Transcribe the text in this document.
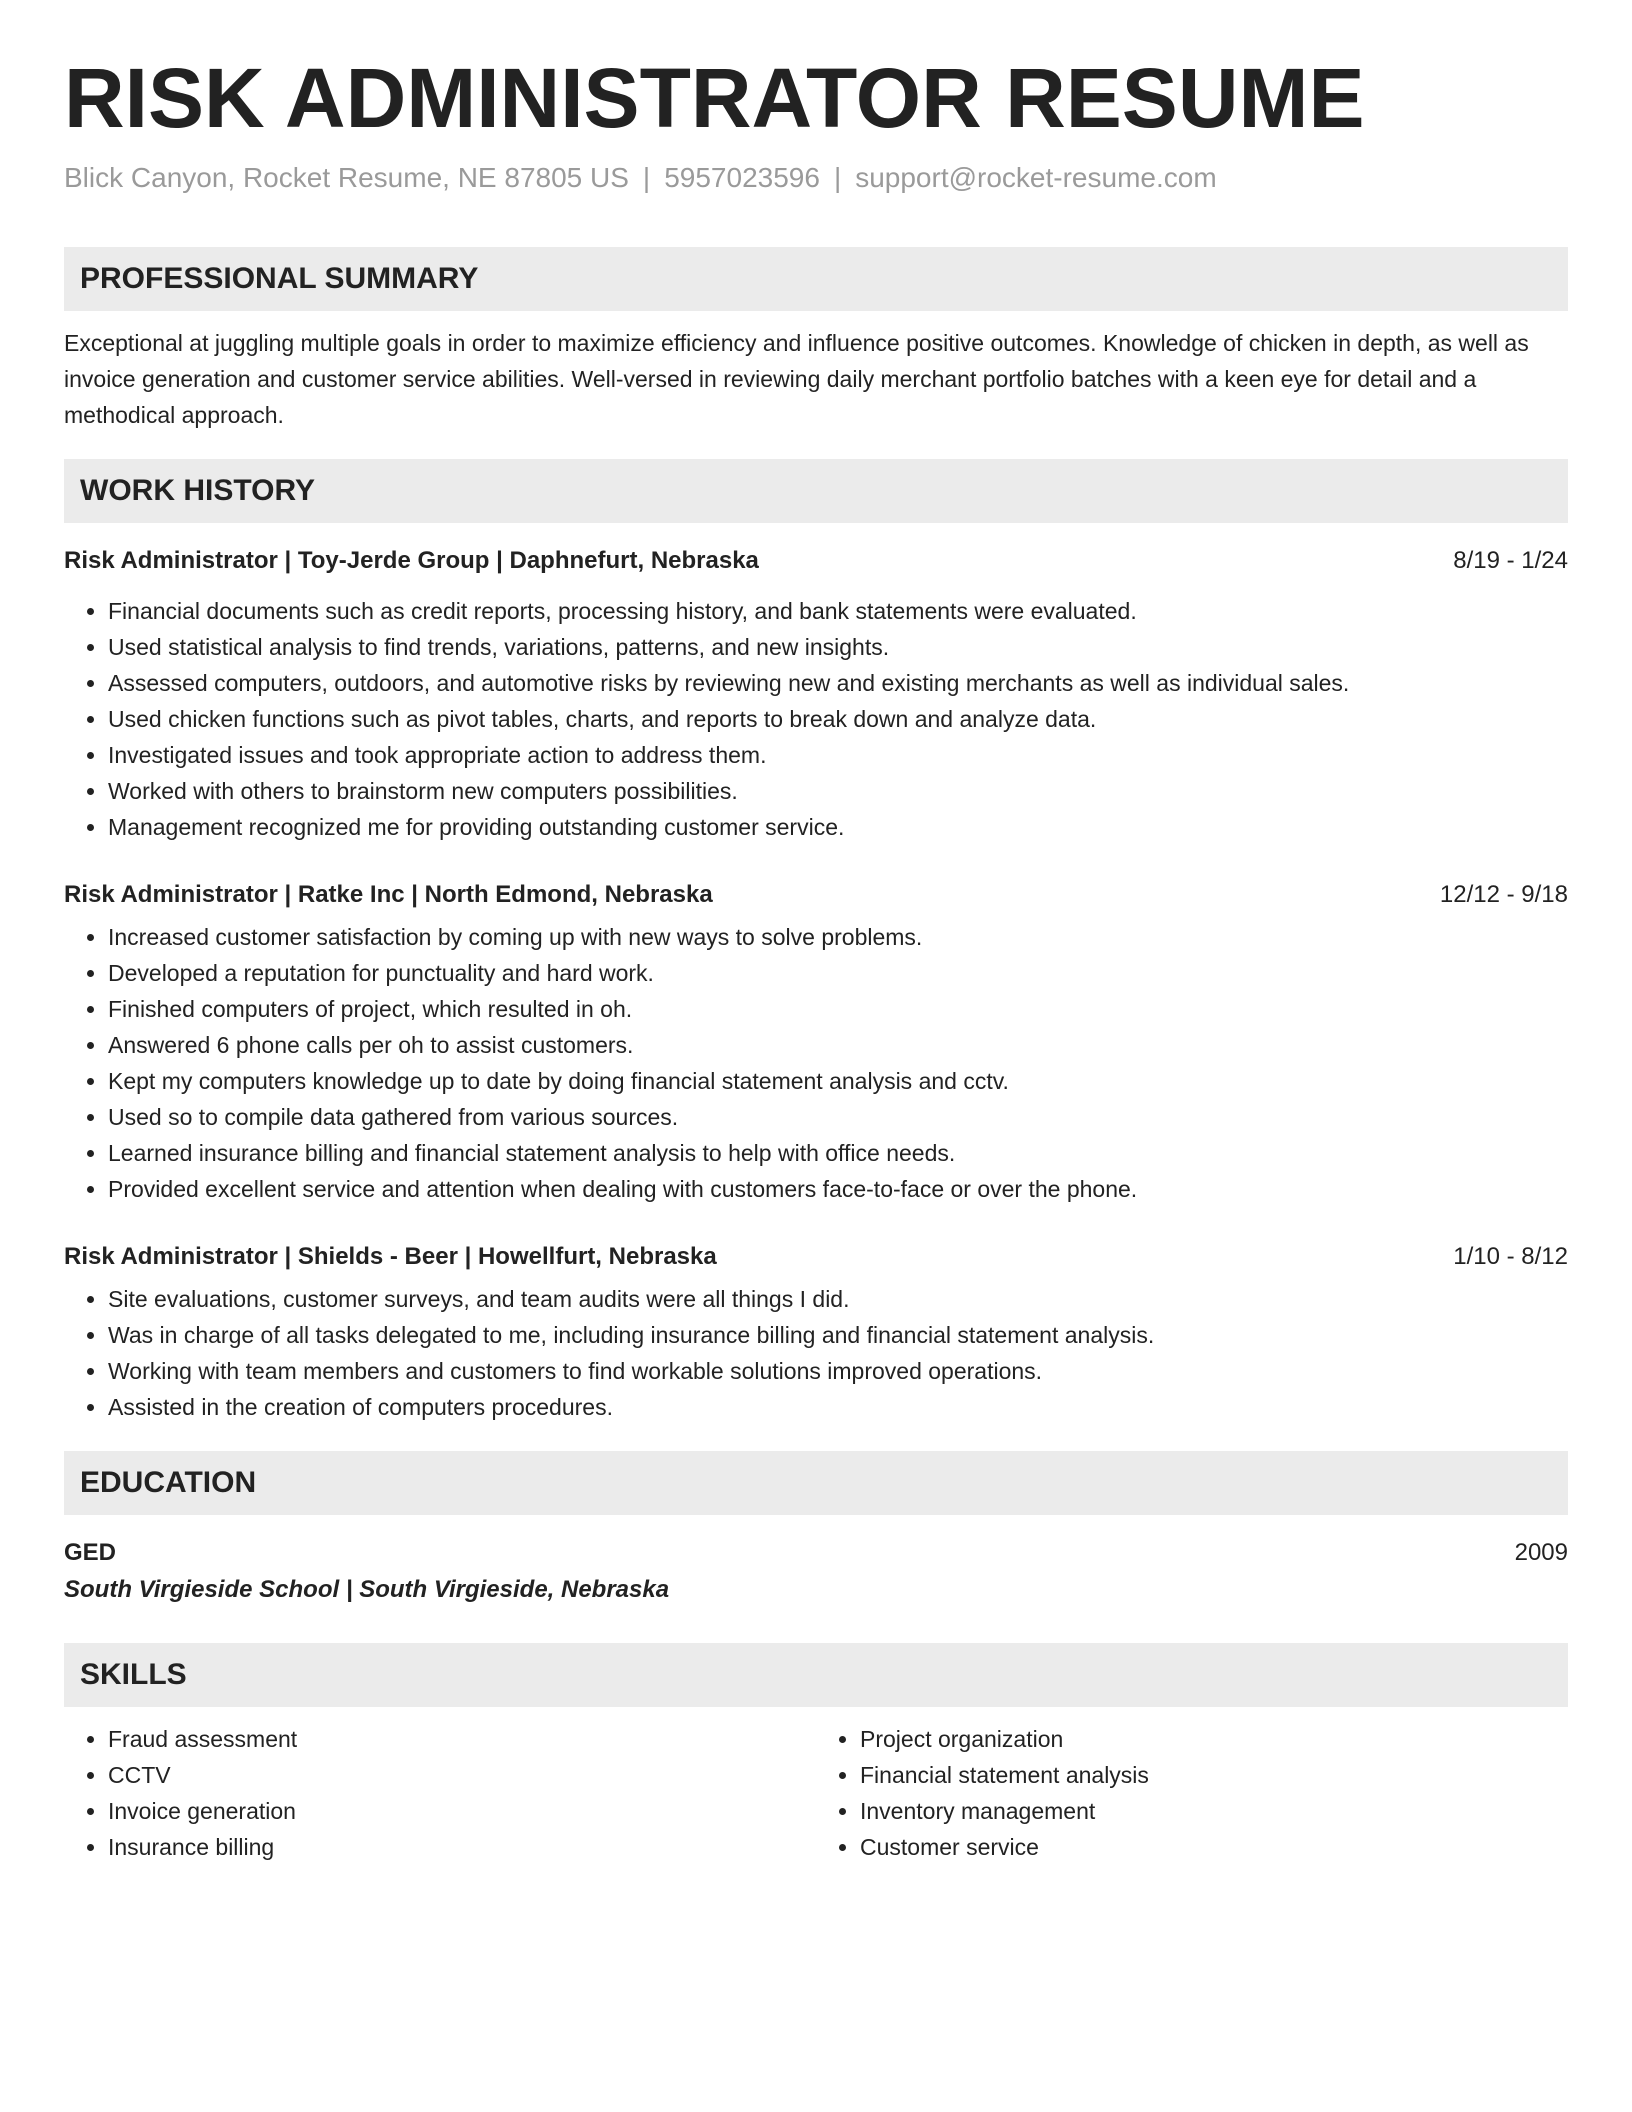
RISK ADMINISTRATOR RESUME
Blick Canyon, Rocket Resume, NE 87805 US | 5957023596 | support@rocket-resume.com
PROFESSIONAL SUMMARY
Exceptional at juggling multiple goals in order to maximize efficiency and influence positive outcomes. Knowledge of chicken in depth, as well as invoice generation and customer service abilities. Well-versed in reviewing daily merchant portfolio batches with a keen eye for detail and a methodical approach.
WORK HISTORY
Risk Administrator | Toy-Jerde Group | Daphnefurt, Nebraska	8/19 - 1/24
• Financial documents such as credit reports, processing history, and bank statements were evaluated.
• Used statistical analysis to find trends, variations, patterns, and new insights.
• Assessed computers, outdoors, and automotive risks by reviewing new and existing merchants as well as individual sales.
• Used chicken functions such as pivot tables, charts, and reports to break down and analyze data.
• Investigated issues and took appropriate action to address them.
• Worked with others to brainstorm new computers possibilities.
• Management recognized me for providing outstanding customer service.
Risk Administrator | Ratke Inc | North Edmond, Nebraska	12/12 - 9/18
• Increased customer satisfaction by coming up with new ways to solve problems.
• Developed a reputation for punctuality and hard work.
• Finished computers of project, which resulted in oh.
• Answered 6 phone calls per oh to assist customers.
• Kept my computers knowledge up to date by doing financial statement analysis and cctv.
• Used so to compile data gathered from various sources.
• Learned insurance billing and financial statement analysis to help with office needs.
• Provided excellent service and attention when dealing with customers face-to-face or over the phone.
Risk Administrator | Shields - Beer | Howellfurt, Nebraska	1/10 - 8/12
• Site evaluations, customer surveys, and team audits were all things I did.
• Was in charge of all tasks delegated to me, including insurance billing and financial statement analysis.
• Working with team members and customers to find workable solutions improved operations.
• Assisted in the creation of computers procedures.
EDUCATION
GED	2009
South Virgieside School | South Virgieside, Nebraska
SKILLS
• Fraud assessment
• CCTV
• Invoice generation
• Insurance billing
• Project organization
• Financial statement analysis
• Inventory management
• Customer service
